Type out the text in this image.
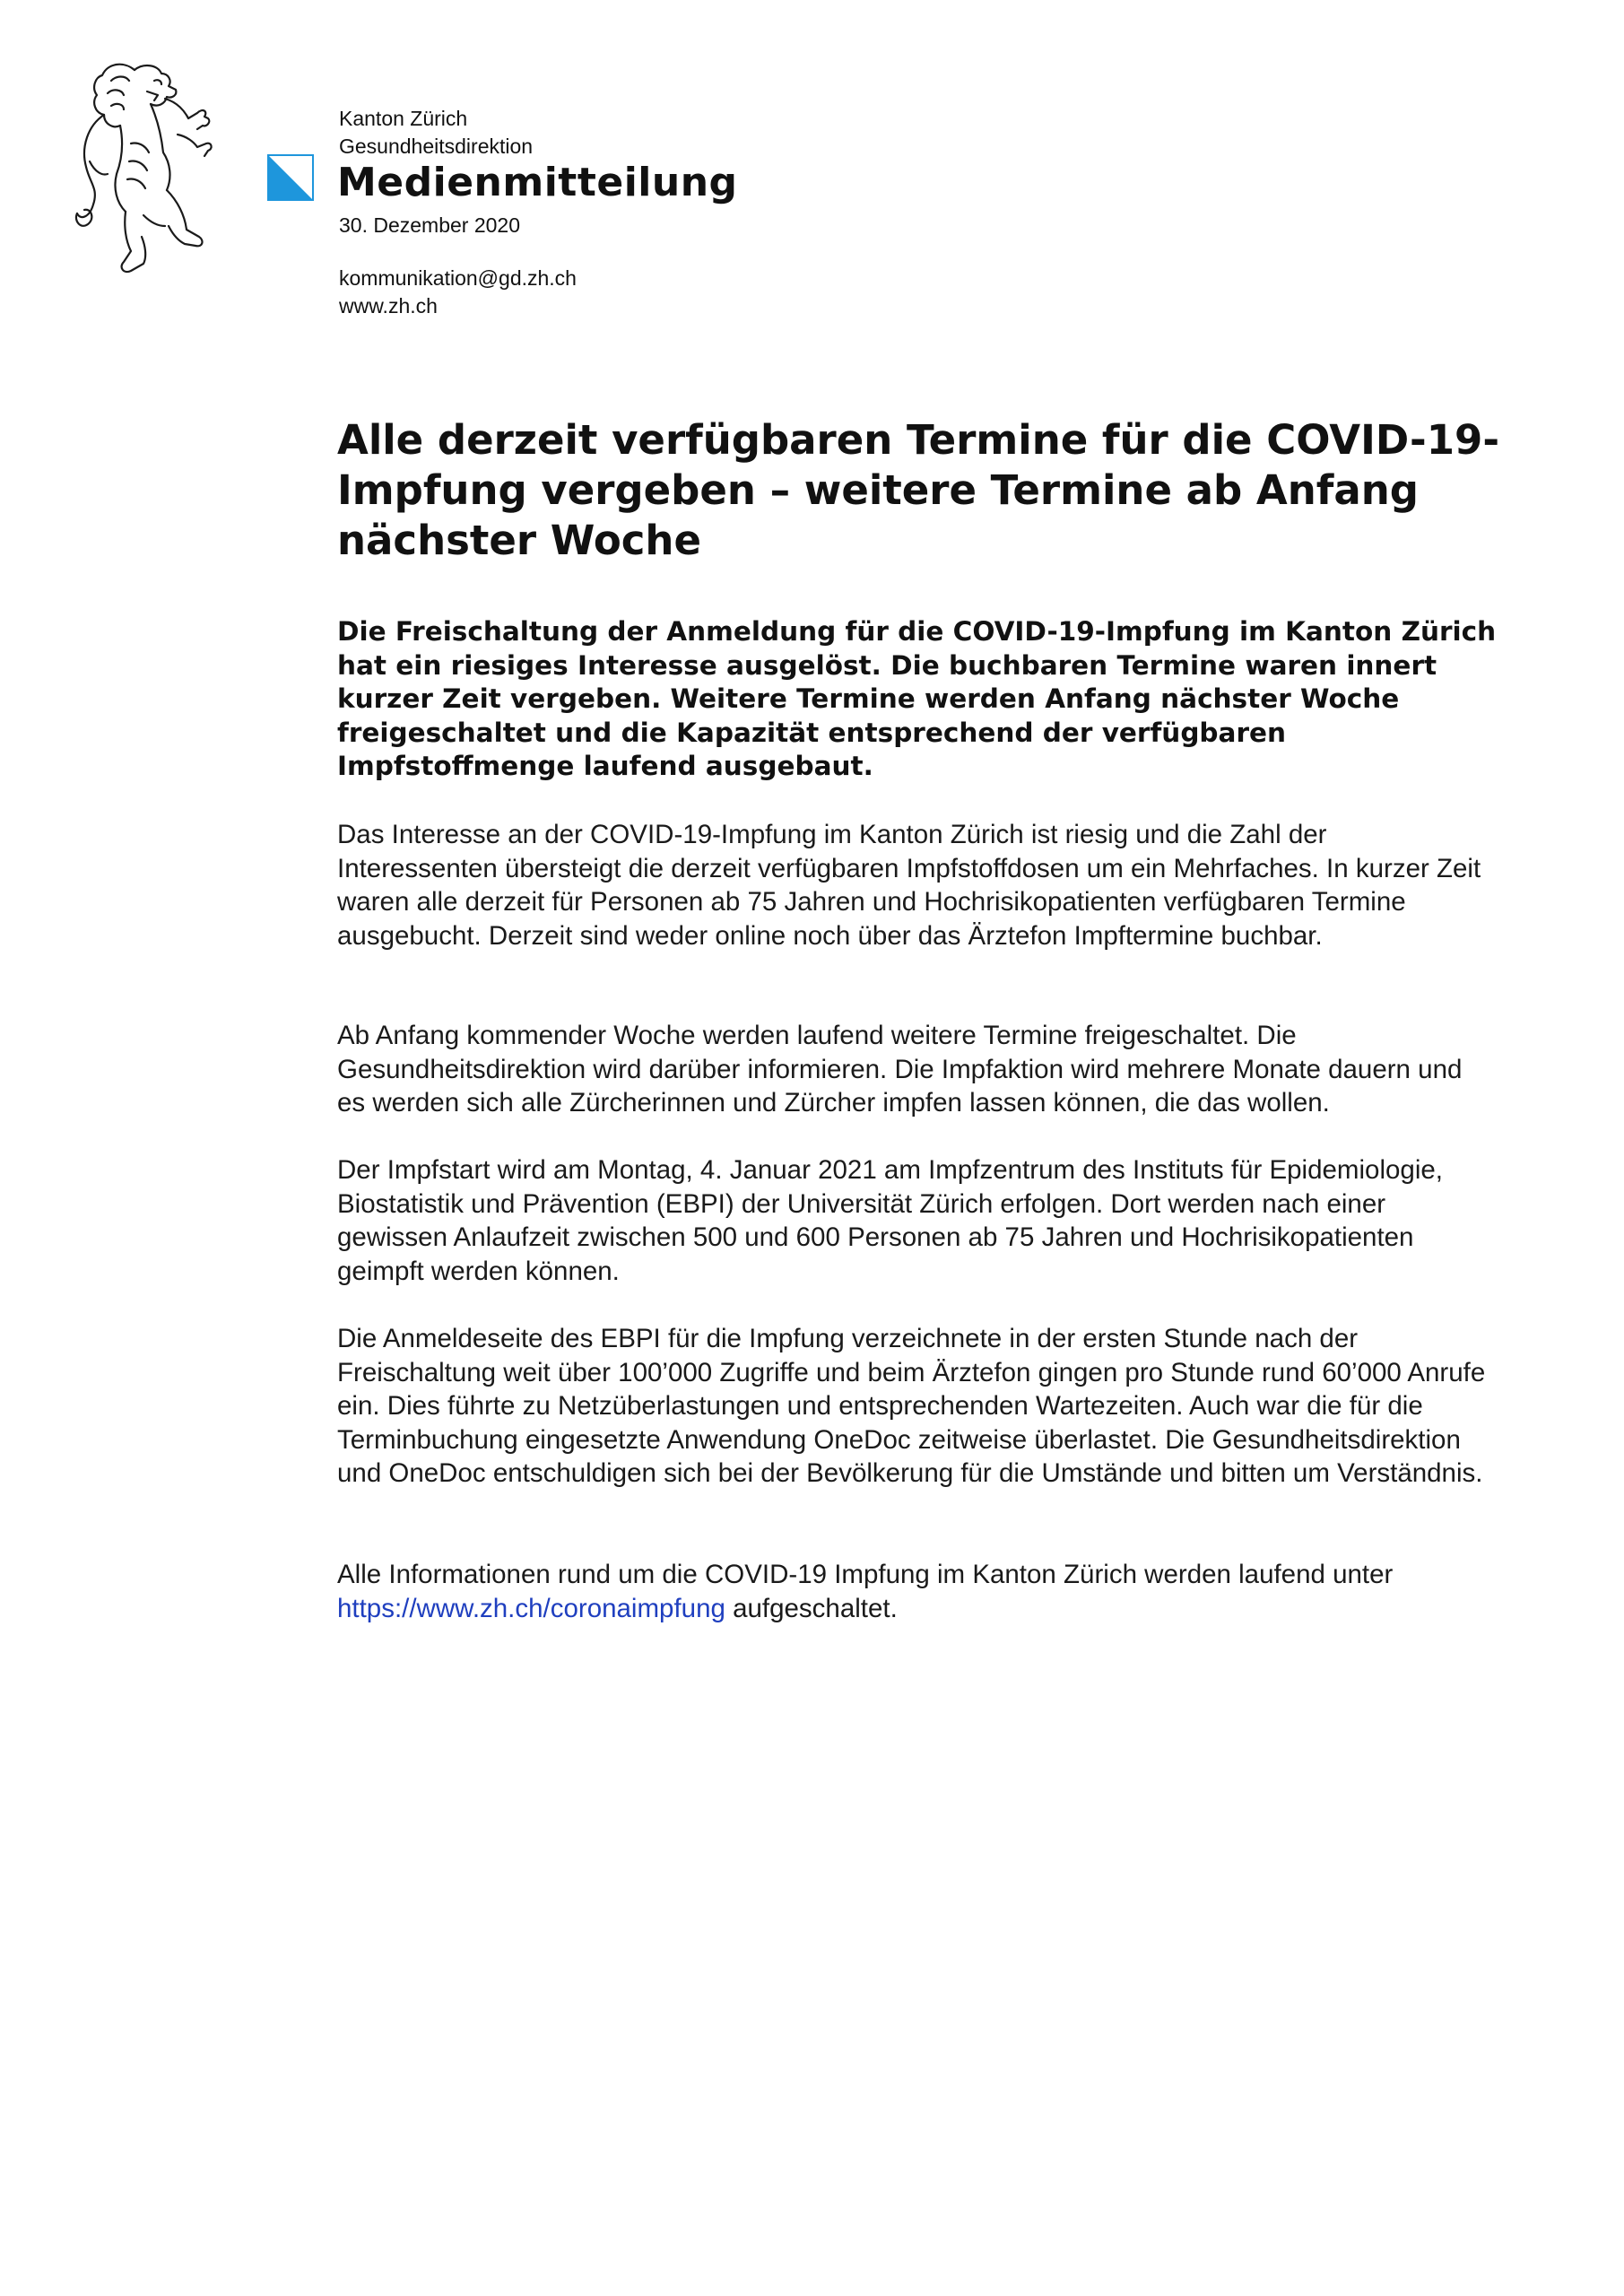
Kanton Zürich
Gesundheitsdirektion
Medienmitteilung
30. Dezember 2020
kommunikation@gd.zh.ch
www.zh.ch
Alle derzeit verfügbaren Termine für die COVID-19-Impfung vergeben – weitere Termine ab Anfang nächster Woche

Die Freischaltung der Anmeldung für die COVID-19-Impfung im Kanton Zürich hat ein riesiges Interesse ausgelöst. Die buchbaren Termine waren innert kurzer Zeit vergeben. Weitere Termine werden Anfang nächster Woche freigeschaltet und die Kapazität entsprechend der verfügbaren Impfstoffmenge laufend ausgebaut.

Das Interesse an der COVID-19-Impfung im Kanton Zürich ist riesig und die Zahl der Interessenten übersteigt die derzeit verfügbaren Impfstoffdosen um ein Mehrfaches. In kurzer Zeit waren alle derzeit für Personen ab 75 Jahren und Hochrisikopatienten verfügbaren Termine ausgebucht. Derzeit sind weder online noch über das Ärztefon Impftermine buchbar.

Ab Anfang kommender Woche werden laufend weitere Termine freigeschaltet. Die Gesundheitsdirektion wird darüber informieren. Die Impfaktion wird mehrere Monate dauern und es werden sich alle Zürcherinnen und Zürcher impfen lassen können, die das wollen.

Der Impfstart wird am Montag, 4. Januar 2021 am Impfzentrum des Instituts für Epidemiologie, Biostatistik und Prävention (EBPI) der Universität Zürich erfolgen. Dort werden nach einer gewissen Anlaufzeit zwischen 500 und 600 Personen ab 75 Jahren und Hochrisikopatienten geimpft werden können.

Die Anmeldeseite des EBPI für die Impfung verzeichnete in der ersten Stunde nach der Freischaltung weit über 100’000 Zugriffe und beim Ärztefon gingen pro Stunde rund 60’000 Anrufe ein. Dies führte zu Netzüberlastungen und entsprechenden Wartezeiten. Auch war die für die Terminbuchung eingesetzte Anwendung OneDoc zeitweise überlastet. Die Gesundheitsdirektion und OneDoc entschuldigen sich bei der Bevölkerung für die Umstände und bitten um Verständnis.

Alle Informationen rund um die COVID-19 Impfung im Kanton Zürich werden laufend unter https://www.zh.ch/coronaimpfung aufgeschaltet.
